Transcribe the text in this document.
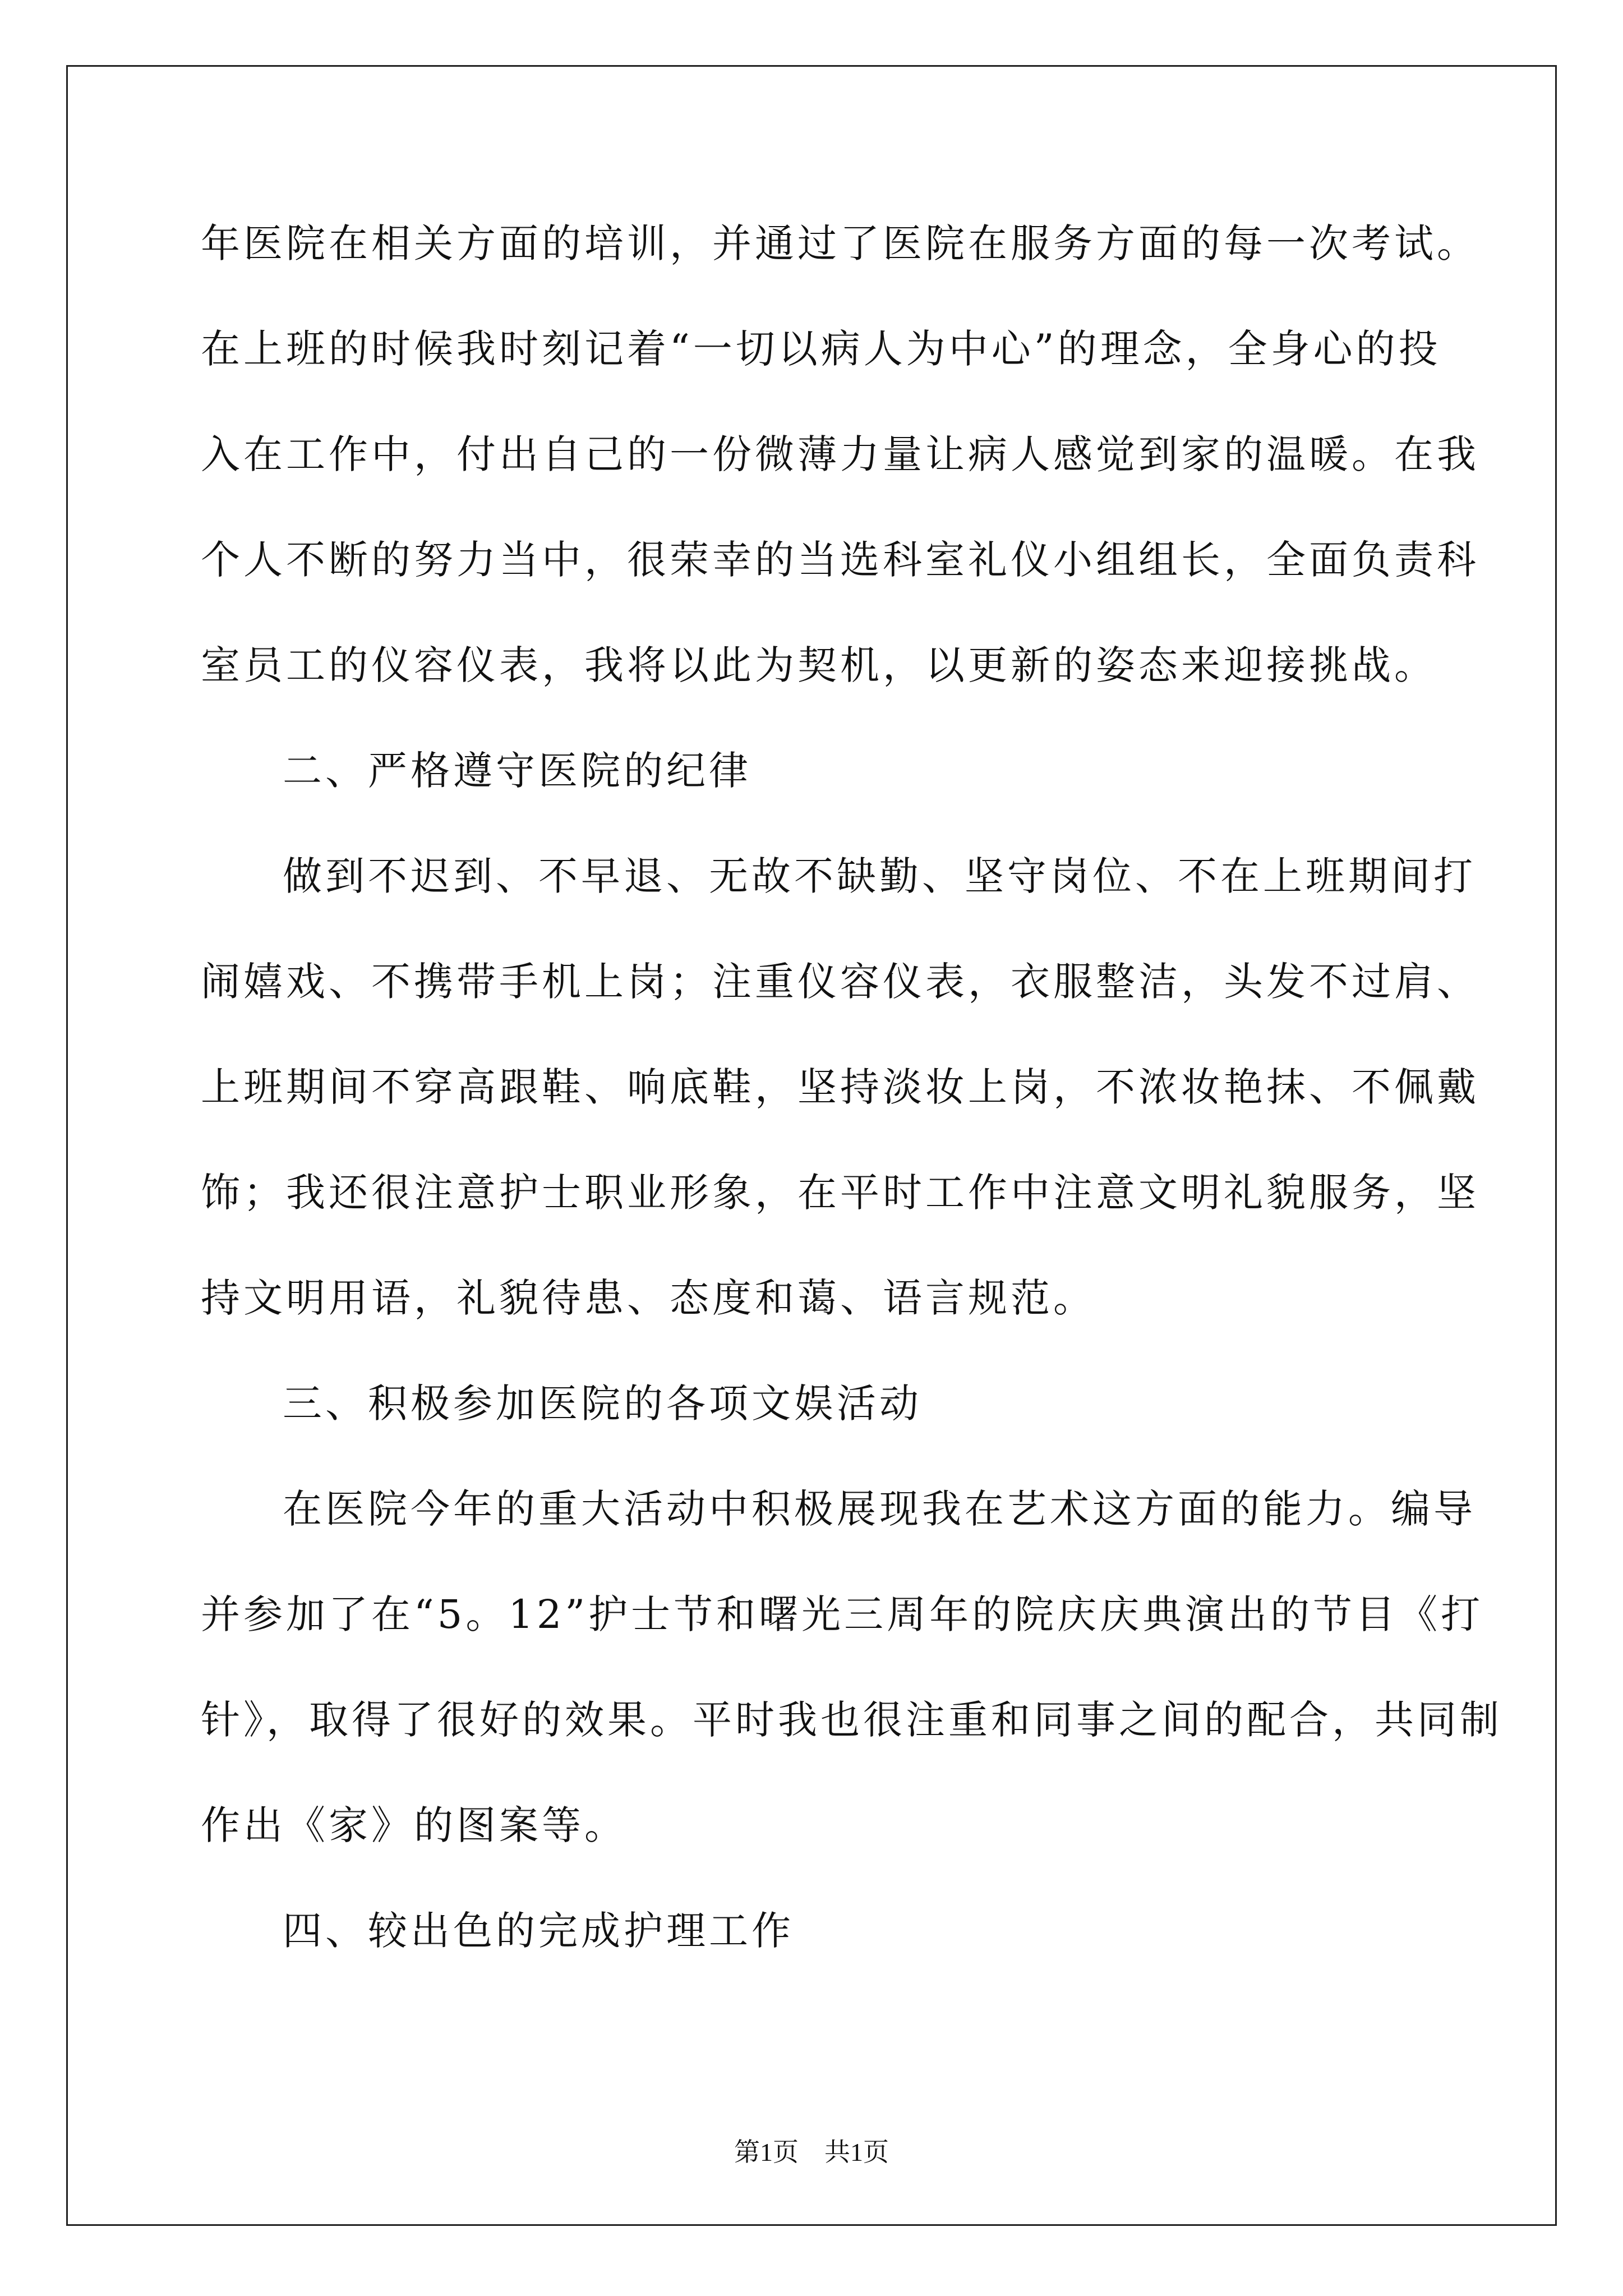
年医院在相关方面的培训，并通过了医院在服务方面的每一次考试。
在上班的时候我时刻记着“一切以病人为中心”的理念，全身心的投
入在工作中，付出自己的一份微薄力量让病人感觉到家的温暖。在我
个人不断的努力当中，很荣幸的当选科室礼仪小组组长，全面负责科
室员工的仪容仪表，我将以此为契机，以更新的姿态来迎接挑战。
二、严格遵守医院的纪律
做到不迟到、不早退、无故不缺勤、坚守岗位、不在上班期间打
闹嬉戏、不携带手机上岗；注重仪容仪表，衣服整洁，头发不过肩、
上班期间不穿高跟鞋、响底鞋，坚持淡妆上岗，不浓妆艳抹、不佩戴
饰；我还很注意护士职业形象，在平时工作中注意文明礼貌服务，坚
持文明用语，礼貌待患、态度和蔼、语言规范。
三、积极参加医院的各项文娱活动
在医院今年的重大活动中积极展现我在艺术这方面的能力。编导
并参加了在“5。12”护士节和曙光三周年的院庆庆典演出的节目《打
针》，取得了很好的效果。平时我也很注重和同事之间的配合，共同制
作出《家》的图案等。
四、较出色的完成护理工作
第1页　共1页
